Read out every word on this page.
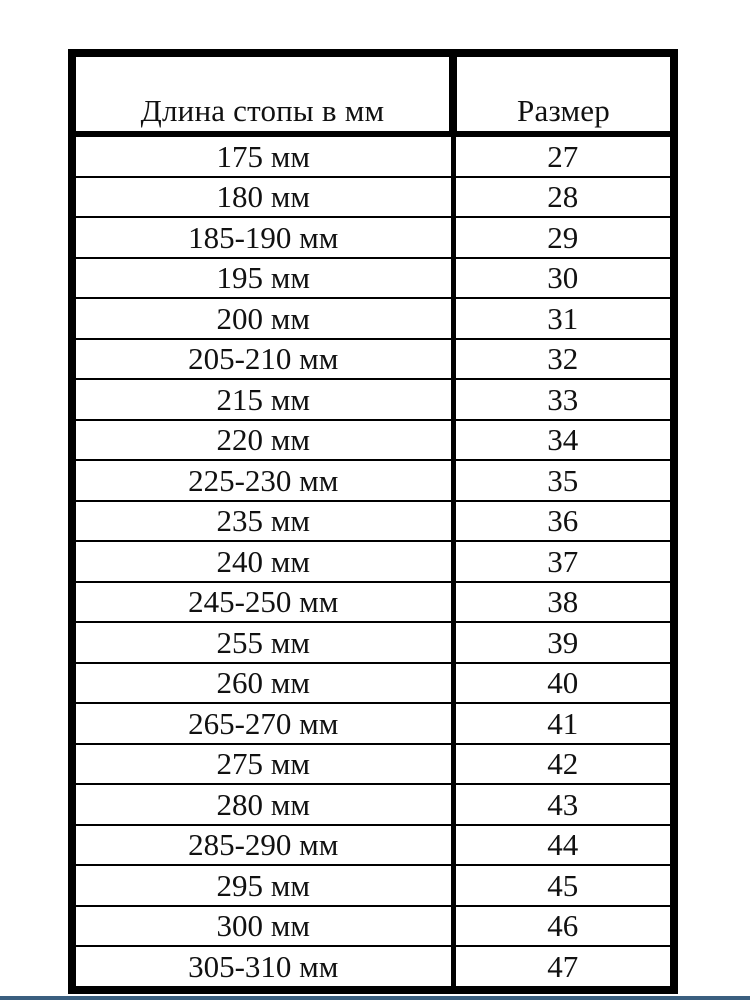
Длина стопы в мм	Размер
175 мм	27
180 мм	28
185-190 мм	29
195 мм	30
200 мм	31
205-210 мм	32
215 мм	33
220 мм	34
225-230 мм	35
235 мм	36
240 мм	37
245-250 мм	38
255 мм	39
260 мм	40
265-270 мм	41
275 мм	42
280 мм	43
285-290 мм	44
295 мм	45
300 мм	46
305-310 мм	47
